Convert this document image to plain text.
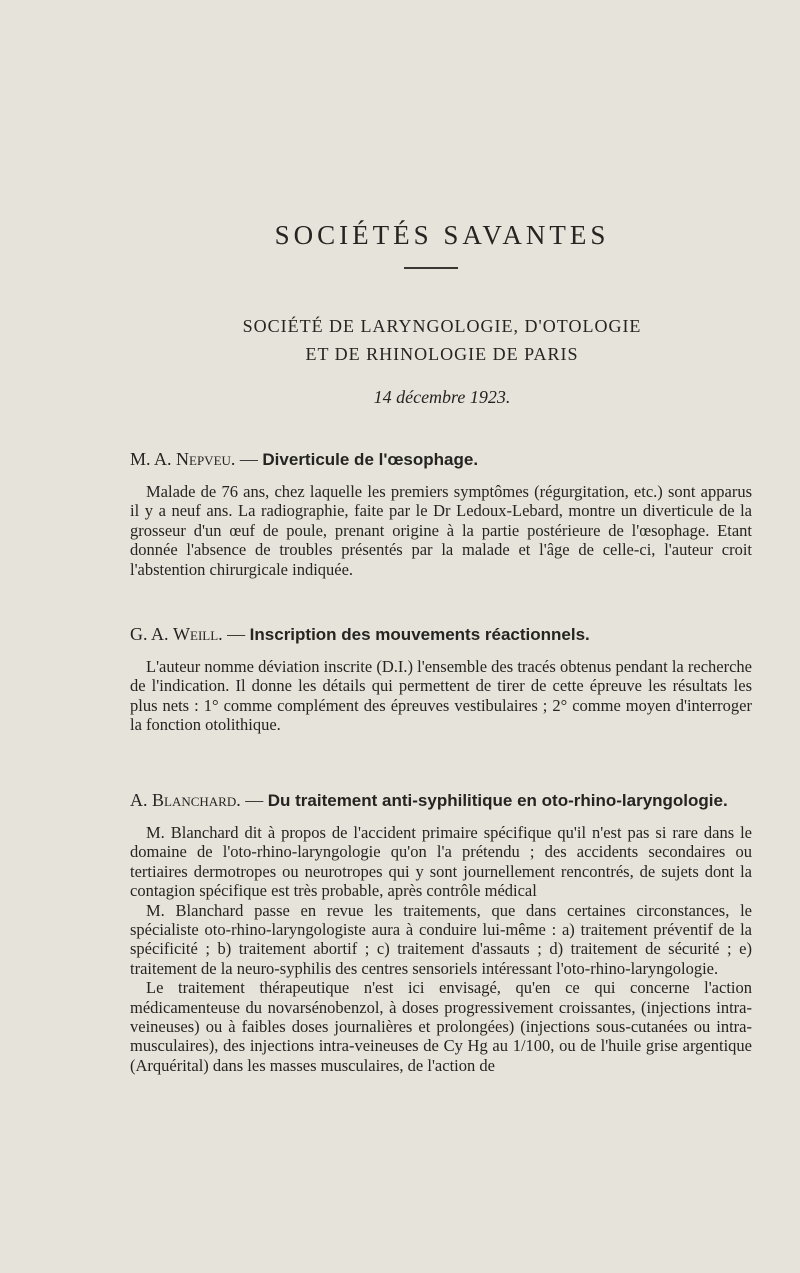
SOCIÉTÉS SAVANTES
SOCIÉTÉ DE LARYNGOLOGIE, D'OTOLOGIE
ET DE RHINOLOGIE DE PARIS
14 décembre 1923.

M. A. Nepveu. — Diverticule de l'œsophage.

Malade de 76 ans, chez laquelle les premiers symptômes (régurgitation, etc.) sont apparus il y a neuf ans. La radiographie, faite par le Dr Ledoux-Lebard, montre un diverticule de la grosseur d'un œuf de poule, prenant origine à la partie postérieure de l'œsophage. Etant donnée l'absence de troubles présentés par la malade et l'âge de celle-ci, l'auteur croit l'abstention chirurgicale indiquée.

G. A. Weill. — Inscription des mouvements réactionnels.

L'auteur nomme déviation inscrite (D.I.) l'ensemble des tracés obtenus pendant la recherche de l'indication. Il donne les détails qui permettent de tirer de cette épreuve les résultats les plus nets : 1° comme complément des épreuves vestibulaires ; 2° comme moyen d'interroger la fonction otolithique.

A. Blanchard. — Du traitement anti-syphilitique en oto-rhino-laryngologie.

M. Blanchard dit à propos de l'accident primaire spécifique qu'il n'est pas si rare dans le domaine de l'oto-rhino-laryngologie qu'on l'a prétendu ; des accidents secondaires ou tertiaires dermotropes ou neurotropes qui y sont journellement rencontrés, de sujets dont la contagion spécifique est très probable, après contrôle médical

M. Blanchard passe en revue les traitements, que dans certaines circonstances, le spécialiste oto-rhino-laryngologiste aura à conduire lui-même : a) traitement préventif de la spécificité ; b) traitement abortif ; c) traitement d'assauts ; d) traitement de sécurité ; e) traitement de la neuro-syphilis des centres sensoriels intéressant l'oto-rhino-laryngologie.

Le traitement thérapeutique n'est ici envisagé, qu'en ce qui concerne l'action médicamenteuse du novarsénobenzol, à doses progressivement croissantes, (injections intra-veineuses) ou à faibles doses journalières et prolongées) (injections sous-cutanées ou intra-musculaires), des injections intra-veineuses de Cy Hg au 1/100, ou de l'huile grise argentique (Arquérital) dans les masses musculaires, de l'action de
